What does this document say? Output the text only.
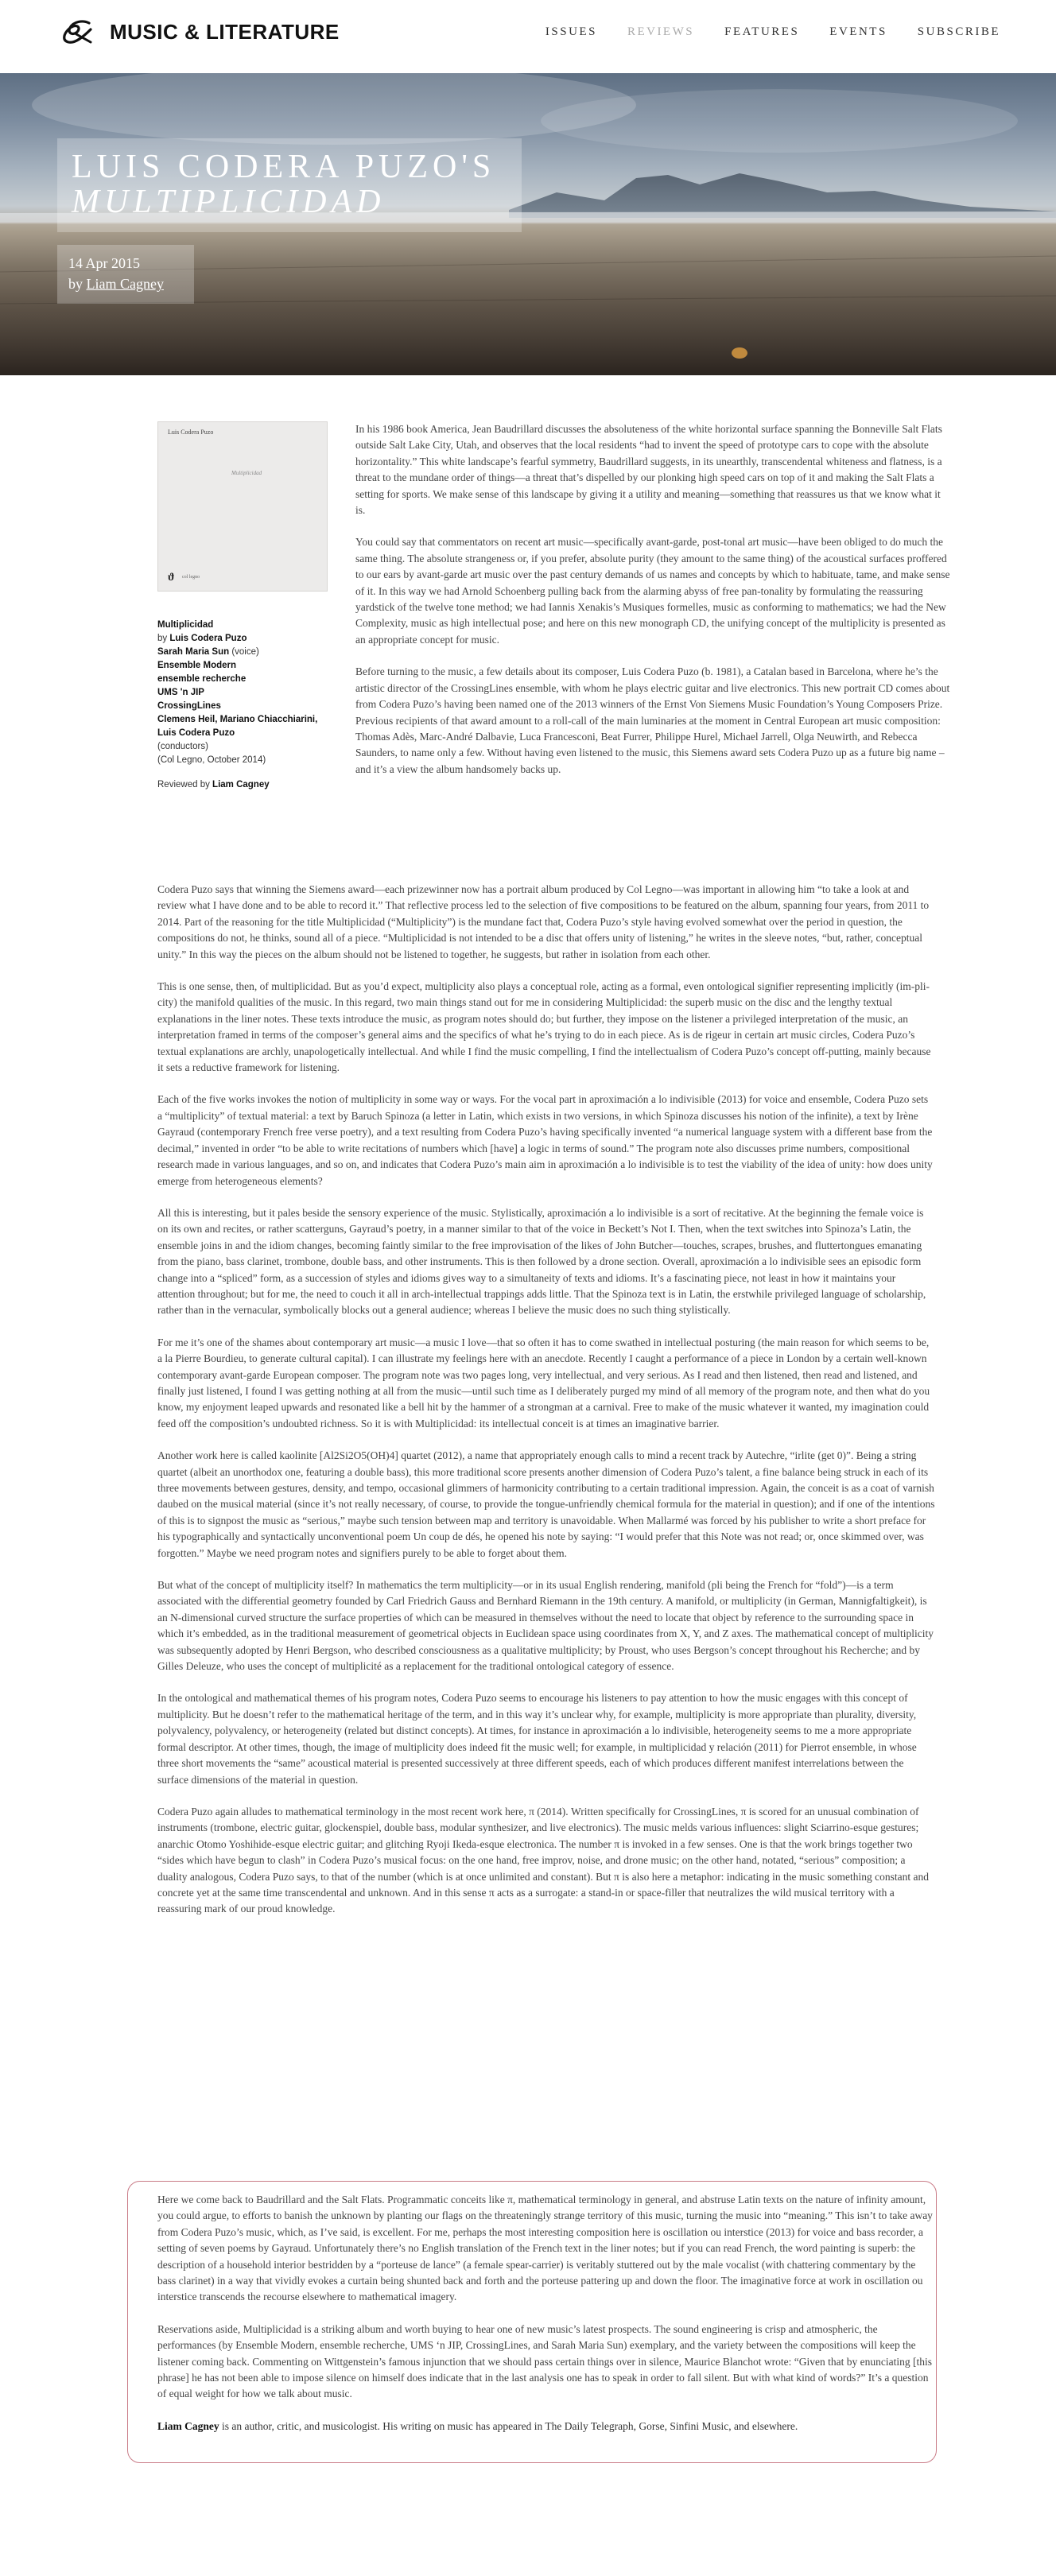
MUSIC & LITERATURE	ISSUES	REVIEWS	FEATURES	EVENTS	SUBSCRIBE
LUIS CODERA PUZO'S
MULTIPLICIDAD
14 Apr 2015
by Liam Cagney
Luis Codera Puzo
Multiplicidad
ϑ col legno
Multiplicidad
by Luis Codera Puzo
Sarah Maria Sun (voice)
Ensemble Modern
ensemble recherche
UMS 'n JIP
CrossingLines
Clemens Heil, Mariano Chiacchiarini, Luis Codera Puzo
(conductors)
(Col Legno, October 2014)
Reviewed by Liam Cagney

In his 1986 book America, Jean Baudrillard discusses the absoluteness of the white horizontal surface spanning the Bonneville Salt Flats outside Salt Lake City, Utah, and observes that the local residents “had to invent the speed of prototype cars to cope with the absolute horizontality.” This white landscape’s fearful symmetry, Baudrillard suggests, in its unearthly, transcendental whiteness and flatness, is a threat to the mundane order of things—a threat that’s dispelled by our plonking high speed cars on top of it and making the Salt Flats a setting for sports. We make sense of this landscape by giving it a utility and meaning—something that reassures us that we know what it is.

You could say that commentators on recent art music—specifically avant-garde, post-tonal art music—have been obliged to do much the same thing. The absolute strangeness or, if you prefer, absolute purity (they amount to the same thing) of the acoustical surfaces proffered to our ears by avant-garde art music over the past century demands of us names and concepts by which to habituate, tame, and make sense of it. In this way we had Arnold Schoenberg pulling back from the alarming abyss of free pan-tonality by formulating the reassuring yardstick of the twelve tone method; we had Iannis Xenakis’s Musiques formelles, music as conforming to mathematics; we had the New Complexity, music as high intellectual pose; and here on this new monograph CD, the unifying concept of the multiplicity is presented as an appropriate concept for music.

Before turning to the music, a few details about its composer, Luis Codera Puzo (b. 1981), a Catalan based in Barcelona, where he’s the artistic director of the CrossingLines ensemble, with whom he plays electric guitar and live electronics. This new portrait CD comes about from Codera Puzo’s having been named one of the 2013 winners of the Ernst Von Siemens Music Foundation’s Young Composers Prize. Previous recipients of that award amount to a roll-call of the main luminaries at the moment in Central European art music composition: Thomas Adès, Marc-André Dalbavie, Luca Francesconi, Beat Furrer, Philippe Hurel, Michael Jarrell, Olga Neuwirth, and Rebecca Saunders, to name only a few. Without having even listened to the music, this Siemens award sets Codera Puzo up as a future big name – and it’s a view the album handsomely backs up.

Codera Puzo says that winning the Siemens award—each prizewinner now has a portrait album produced by Col Legno—was important in allowing him “to take a look at and review what I have done and to be able to record it.” That reflective process led to the selection of five compositions to be featured on the album, spanning four years, from 2011 to 2014. Part of the reasoning for the title Multiplicidad (“Multiplicity”) is the mundane fact that, Codera Puzo’s style having evolved somewhat over the period in question, the compositions do not, he thinks, sound all of a piece. “Multiplicidad is not intended to be a disc that offers unity of listening,” he writes in the sleeve notes, “but, rather, conceptual unity.” In this way the pieces on the album should not be listened to together, he suggests, but rather in isolation from each other.

This is one sense, then, of multiplicidad. But as you’d expect, multiplicity also plays a conceptual role, acting as a formal, even ontological signifier representing implicitly (im-pli-city) the manifold qualities of the music. In this regard, two main things stand out for me in considering Multiplicidad: the superb music on the disc and the lengthy textual explanations in the liner notes. These texts introduce the music, as program notes should do; but further, they impose on the listener a privileged interpretation of the music, an interpretation framed in terms of the composer’s general aims and the specifics of what he’s trying to do in each piece. As is de rigeur in certain art music circles, Codera Puzo’s textual explanations are archly, unapologetically intellectual. And while I find the music compelling, I find the intellectualism of Codera Puzo’s concept off-putting, mainly because it sets a reductive framework for listening.

Each of the five works invokes the notion of multiplicity in some way or ways. For the vocal part in aproximación a lo indivisible (2013) for voice and ensemble, Codera Puzo sets a “multiplicity” of textual material: a text by Baruch Spinoza (a letter in Latin, which exists in two versions, in which Spinoza discusses his notion of the infinite), a text by Irène Gayraud (contemporary French free verse poetry), and a text resulting from Codera Puzo’s having specifically invented “a numerical language system with a different base from the decimal,” invented in order “to be able to write recitations of numbers which [have] a logic in terms of sound.” The program note also discusses prime numbers, compositional research made in various languages, and so on, and indicates that Codera Puzo’s main aim in aproximación a lo indivisible is to test the viability of the idea of unity: how does unity emerge from heterogeneous elements?

All this is interesting, but it pales beside the sensory experience of the music. Stylistically, aproximación a lo indivisible is a sort of recitative. At the beginning the female voice is on its own and recites, or rather scatterguns, Gayraud’s poetry, in a manner similar to that of the voice in Beckett’s Not I. Then, when the text switches into Spinoza’s Latin, the ensemble joins in and the idiom changes, becoming faintly similar to the free improvisation of the likes of John Butcher—touches, scrapes, brushes, and fluttertongues emanating from the piano, bass clarinet, trombone, double bass, and other instruments. This is then followed by a drone section. Overall, aproximación a lo indivisible sees an episodic form change into a “spliced” form, as a succession of styles and idioms gives way to a simultaneity of texts and idioms. It’s a fascinating piece, not least in how it maintains your attention throughout; but for me, the need to couch it all in arch-intellectual trappings adds little. That the Spinoza text is in Latin, the erstwhile privileged language of scholarship, rather than in the vernacular, symbolically blocks out a general audience; whereas I believe the music does no such thing stylistically.

For me it’s one of the shames about contemporary art music—a music I love—that so often it has to come swathed in intellectual posturing (the main reason for which seems to be, a la Pierre Bourdieu, to generate cultural capital). I can illustrate my feelings here with an anecdote. Recently I caught a performance of a piece in London by a certain well-known contemporary avant-garde European composer. The program note was two pages long, very intellectual, and very serious. As I read and then listened, then read and listened, and finally just listened, I found I was getting nothing at all from the music—until such time as I deliberately purged my mind of all memory of the program note, and then what do you know, my enjoyment leaped upwards and resonated like a bell hit by the hammer of a strongman at a carnival. Free to make of the music whatever it wanted, my imagination could feed off the composition’s undoubted richness. So it is with Multiplicidad: its intellectual conceit is at times an imaginative barrier.

Another work here is called kaolinite [Al2Si2O5(OH)4] quartet (2012), a name that appropriately enough calls to mind a recent track by Autechre, “irlite (get 0)”. Being a string quartet (albeit an unorthodox one, featuring a double bass), this more traditional score presents another dimension of Codera Puzo’s talent, a fine balance being struck in each of its three movements between gestures, density, and tempo, occasional glimmers of harmonicity contributing to a certain traditional impression. Again, the conceit is as a coat of varnish daubed on the musical material (since it’s not really necessary, of course, to provide the tongue-unfriendly chemical formula for the material in question); and if one of the intentions of this is to signpost the music as “serious,” maybe such tension between map and territory is unavoidable. When Mallarmé was forced by his publisher to write a short preface for his typographically and syntactically unconventional poem Un coup de dés, he opened his note by saying: “I would prefer that this Note was not read; or, once skimmed over, was forgotten.” Maybe we need program notes and signifiers purely to be able to forget about them.

But what of the concept of multiplicity itself? In mathematics the term multiplicity—or in its usual English rendering, manifold (pli being the French for “fold”)—is a term associated with the differential geometry founded by Carl Friedrich Gauss and Bernhard Riemann in the 19th century. A manifold, or multiplicity (in German, Mannigfaltigkeit), is an N-dimensional curved structure the surface properties of which can be measured in themselves without the need to locate that object by reference to the surrounding space in which it’s embedded, as in the traditional measurement of geometrical objects in Euclidean space using coordinates from X, Y, and Z axes. The mathematical concept of multiplicity was subsequently adopted by Henri Bergson, who described consciousness as a qualitative multiplicity; by Proust, who uses Bergson’s concept throughout his Recherche; and by Gilles Deleuze, who uses the concept of multiplicité as a replacement for the traditional ontological category of essence.

In the ontological and mathematical themes of his program notes, Codera Puzo seems to encourage his listeners to pay attention to how the music engages with this concept of multiplicity. But he doesn’t refer to the mathematical heritage of the term, and in this way it’s unclear why, for example, multiplicity is more appropriate than plurality, diversity, polyvalency, polyvalency, or heterogeneity (related but distinct concepts). At times, for instance in aproximación a lo indivisible, heterogeneity seems to me a more appropriate formal descriptor. At other times, though, the image of multiplicity does indeed fit the music well; for example, in multiplicidad y relación (2011) for Pierrot ensemble, in whose three short movements the “same” acoustical material is presented successively at three different speeds, each of which produces different manifest interrelations between the surface dimensions of the material in question.

Codera Puzo again alludes to mathematical terminology in the most recent work here, π (2014). Written specifically for CrossingLines, π is scored for an unusual combination of instruments (trombone, electric guitar, glockenspiel, double bass, modular synthesizer, and live electronics). The music melds various influences: slight Sciarrino-esque gestures; anarchic Otomo Yoshihide-esque electric guitar; and glitching Ryoji Ikeda-esque electronica. The number π is invoked in a few senses. One is that the work brings together two “sides which have begun to clash” in Codera Puzo’s musical focus: on the one hand, free improv, noise, and drone music; on the other hand, notated, “serious” composition; a duality analogous, Codera Puzo says, to that of the number (which is at once unlimited and constant). But π is also here a metaphor: indicating in the music something constant and concrete yet at the same time transcendental and unknown. And in this sense π acts as a surrogate: a stand-in or space-filler that neutralizes the wild musical territory with a reassuring mark of our proud knowledge.

Here we come back to Baudrillard and the Salt Flats. Programmatic conceits like π, mathematical terminology in general, and abstruse Latin texts on the nature of infinity amount, you could argue, to efforts to banish the unknown by planting our flags on the threateningly strange territory of this music, turning the music into “meaning.” This isn’t to take away from Codera Puzo’s music, which, as I’ve said, is excellent. For me, perhaps the most interesting composition here is oscillation ou interstice (2013) for voice and bass recorder, a setting of seven poems by Gayraud. Unfortunately there’s no English translation of the French text in the liner notes; but if you can read French, the word painting is superb: the description of a household interior bestridden by a “porteuse de lance” (a female spear-carrier) is veritably stuttered out by the male vocalist (with chattering commentary by the bass clarinet) in a way that vividly evokes a curtain being shunted back and forth and the porteuse pattering up and down the floor. The imaginative force at work in oscillation ou interstice transcends the recourse elsewhere to mathematical imagery.

Reservations aside, Multiplicidad is a striking album and worth buying to hear one of new music’s latest prospects. The sound engineering is crisp and atmospheric, the performances (by Ensemble Modern, ensemble recherche, UMS ‘n JIP, CrossingLines, and Sarah Maria Sun) exemplary, and the variety between the compositions will keep the listener coming back. Commenting on Wittgenstein’s famous injunction that we should pass certain things over in silence, Maurice Blanchot wrote: “Given that by enunciating [this phrase] he has not been able to impose silence on himself does indicate that in the last analysis one has to speak in order to fall silent. But with what kind of words?” It’s a question of equal weight for how we talk about music.

Liam Cagney is an author, critic, and musicologist. His writing on music has appeared in The Daily Telegraph, Gorse, Sinfini Music, and elsewhere.
